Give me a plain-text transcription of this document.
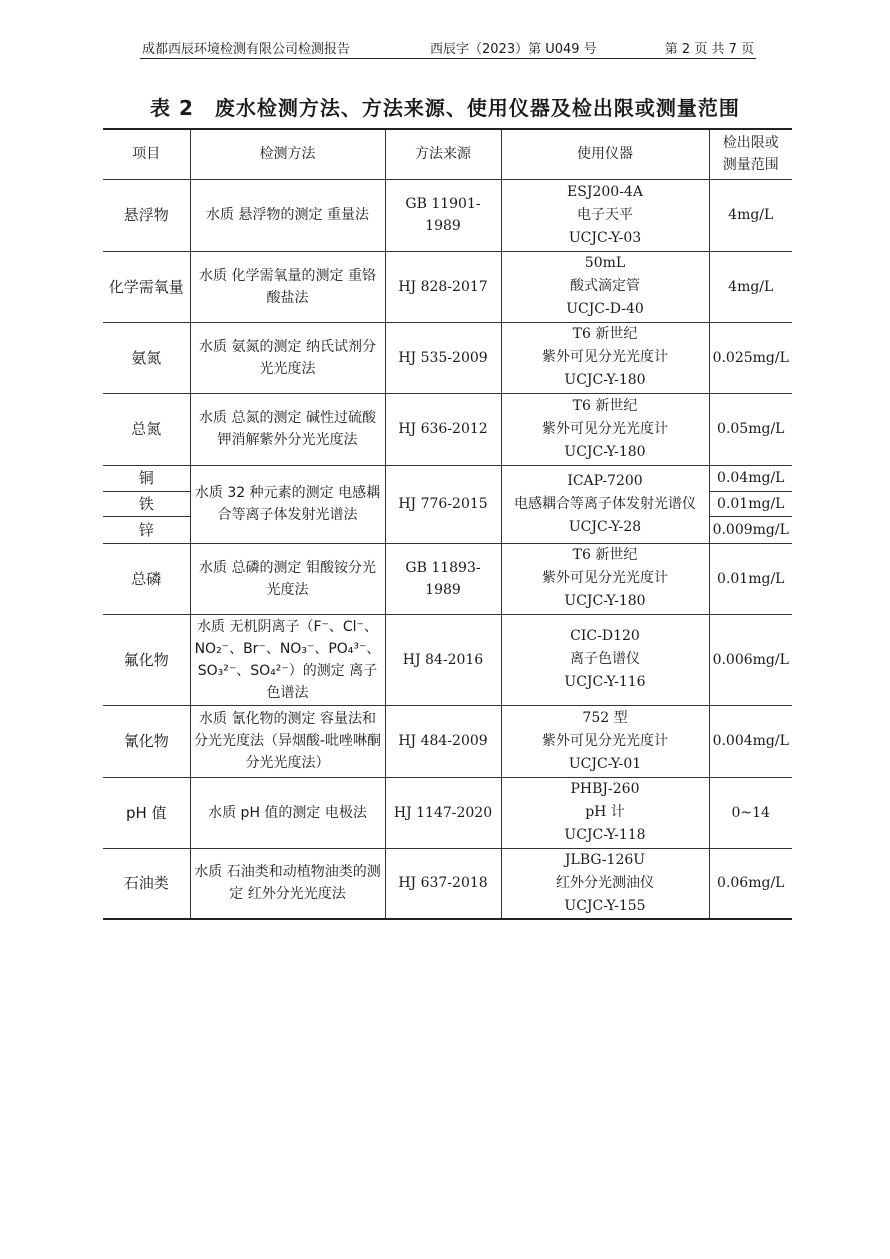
成都西辰环境检测有限公司检测报告	西辰字（2023）第 U049 号	第 2 页 共 7 页
表 2　废水检测方法、方法来源、使用仪器及检出限或测量范围
项目	检测方法	方法来源	使用仪器	检出限或
测量范围

悬浮物	水质 悬浮物的测定 重量法	GB 11901-1989	ESJ200-4A
电子天平
UCJC-Y-03	4mg/L
化学需氧量	水质 化学需氧量的测定 重铬酸盐法	HJ 828-2017	50mL
酸式滴定管
UCJC-D-40	4mg/L
氨氮	水质 氨氮的测定 纳氏试剂分光光度法	HJ 535-2009	T6 新世纪
紫外可见分光光度计
UCJC-Y-180	0.025mg/L
总氮	水质 总氮的测定 碱性过硫酸钾消解紫外分光光度法	HJ 636-2012	T6 新世纪
紫外可见分光光度计
UCJC-Y-180	0.05mg/L
铜	水质 32 种元素的测定 电感耦合等离子体发射光谱法	HJ 776-2015	ICAP-7200
电感耦合等离子体发射光谱仪
UCJC-Y-28	0.04mg/L
铁				0.01mg/L
锌				0.009mg/L
总磷	水质 总磷的测定 钼酸铵分光光度法	GB 11893-1989	T6 新世纪
紫外可见分光光度计
UCJC-Y-180	0.01mg/L
氟化物	水质 无机阴离子（F⁻、Cl⁻、NO₂⁻、Br⁻、NO₃⁻、PO₄³⁻、SO₃²⁻、SO₄²⁻）的测定 离子色谱法	HJ 84-2016	CIC-D120
离子色谱仪
UCJC-Y-116	0.006mg/L
氰化物	水质 氰化物的测定 容量法和分光光度法（异烟酸-吡唑啉酮分光光度法）	HJ 484-2009	752 型
紫外可见分光光度计
UCJC-Y-01	0.004mg/L
pH 值	水质 pH 值的测定 电极法	HJ 1147-2020	PHBJ-260
pH 计
UCJC-Y-118	0~14
石油类	水质 石油类和动植物油类的测定 红外分光光度法	HJ 637-2018	JLBG-126U
红外分光测油仪
UCJC-Y-155	0.06mg/L
